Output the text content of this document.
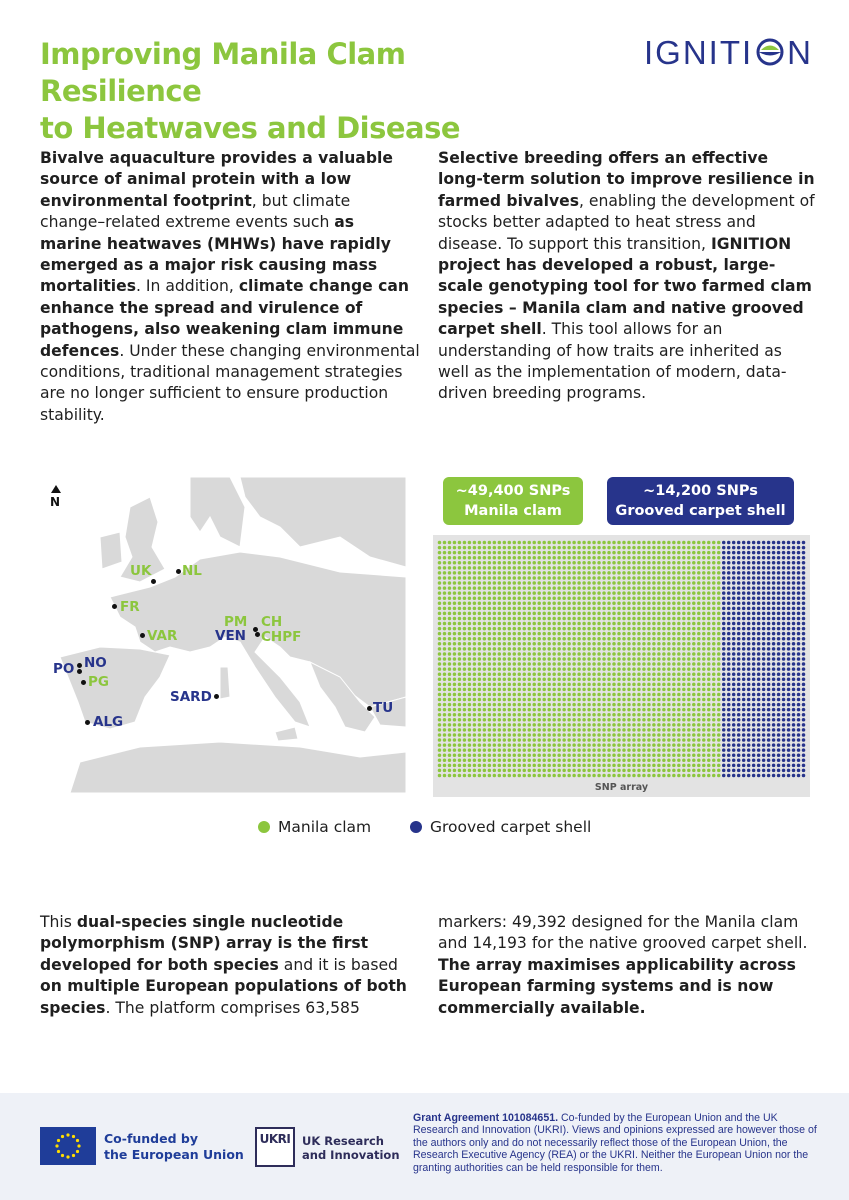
Improving Manila Clam Resilience
to Heatwaves and Disease
IGNITI N
Bivalve aquaculture provides a valuable source of animal protein with a low environmental footprint, but climate change–related extreme events such as marine heatwaves (MHWs) have rapidly emerged as a major risk causing mass mortalities. In addition, climate change can enhance the spread and virulence of pathogens, also weakening clam immune defences. Under these changing environmental conditions, traditional management strategies are no longer sufficient to ensure production stability.
Selective breeding offers an effective long-term solution to improve resilience in farmed bivalves, enabling the development of stocks better adapted to heat stress and disease. To support this transition, IGNITION project has developed a robust, large-scale genotyping tool for two farmed clam species – Manila clam and native grooved carpet shell. This tool allows for an understanding of how traits are inherited as well as the implementation of modern, data-driven breeding programs.
N
UK NL
FR
VAR
PM CH
VEN CHPF
PO NO
PG
ALG
SARD
TU
~49,400 SNPs
Manila clam
~14,200 SNPs
Grooved carpet shell
SNP array
Manila clam	Grooved carpet shell
This dual-species single nucleotide polymorphism (SNP) array is the first developed for both species and it is based on multiple European populations of both species. The platform comprises 63,585
markers: 49,392 designed for the Manila clam and 14,193 for the native grooved carpet shell. The array maximises applicability across European farming systems and is now commercially available.
Co-funded by
the European Union
UKRI UK Research
and Innovation
Grant Agreement 101084651. Co-funded by the European Union and the UK Research and Innovation (UKRI). Views and opinions expressed are however those of the authors only and do not necessarily reflect those of the European Union, the Research Executive Agency (REA) or the UKRI. Neither the European Union nor the granting authorities can be held responsible for them.
